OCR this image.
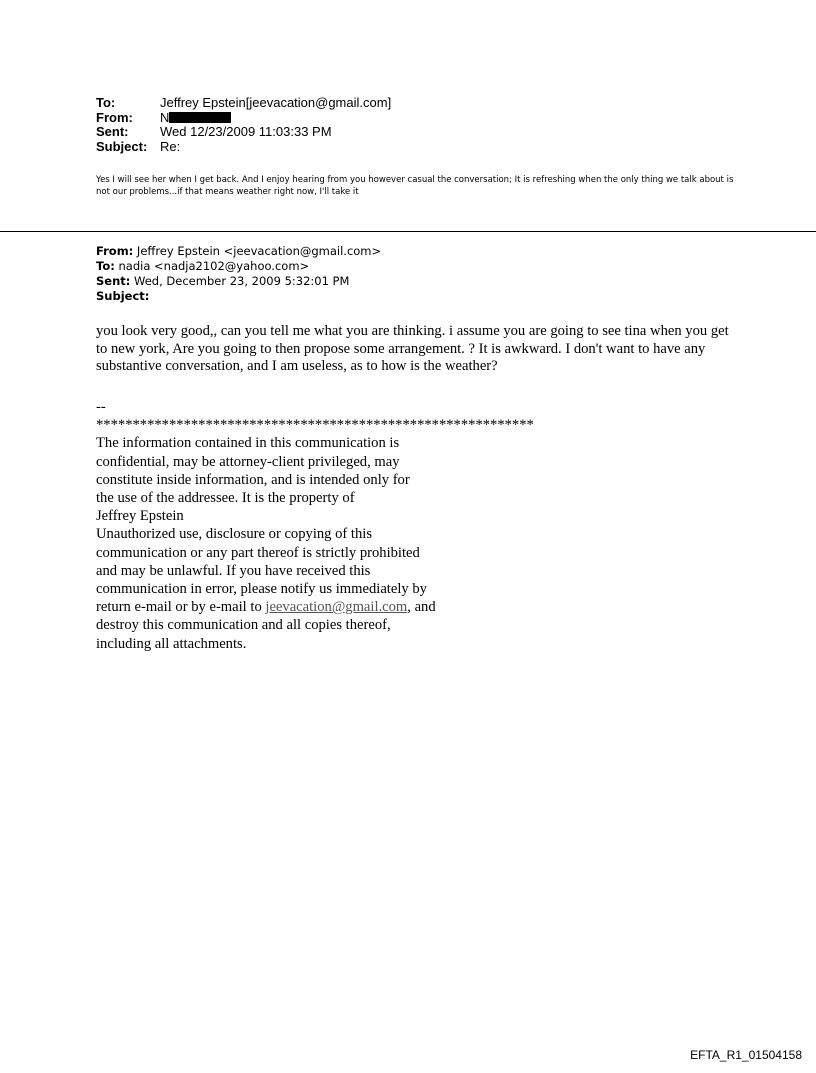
To:	Jeffrey Epstein[jeevacation@gmail.com]
From:	N
Sent:	Wed 12/23/2009 11:03:33 PM
Subject: Re:
Yes I will see her when I get back. And I enjoy hearing from you however casual the conversation; It is refreshing when the only thing we talk about is not our problems...if that means weather right now, I'll take it
From: Jeffrey Epstein <jeevacation@gmail.com>
To: nadia <nadja2102@yahoo.com>
Sent: Wed, December 23, 2009 5:32:01 PM
Subject:
you look very good,, can you tell me what you are thinking. i assume you are going to see tina when you get to new york, Are you going to then propose some arrangement. ? It is awkward. I don't want to have any substantive conversation, and I am useless, as to how is the weather?
--
************************************************************
The information contained in this communication is
confidential, may be attorney-client privileged, may
constitute inside information, and is intended only for
the use of the addressee. It is the property of
Jeffrey Epstein
Unauthorized use, disclosure or copying of this
communication or any part thereof is strictly prohibited
and may be unlawful. If you have received this
communication in error, please notify us immediately by
return e-mail or by e-mail to jeevacation@gmail.com, and
destroy this communication and all copies thereof,
including all attachments.
EFTA_R1_01504158
